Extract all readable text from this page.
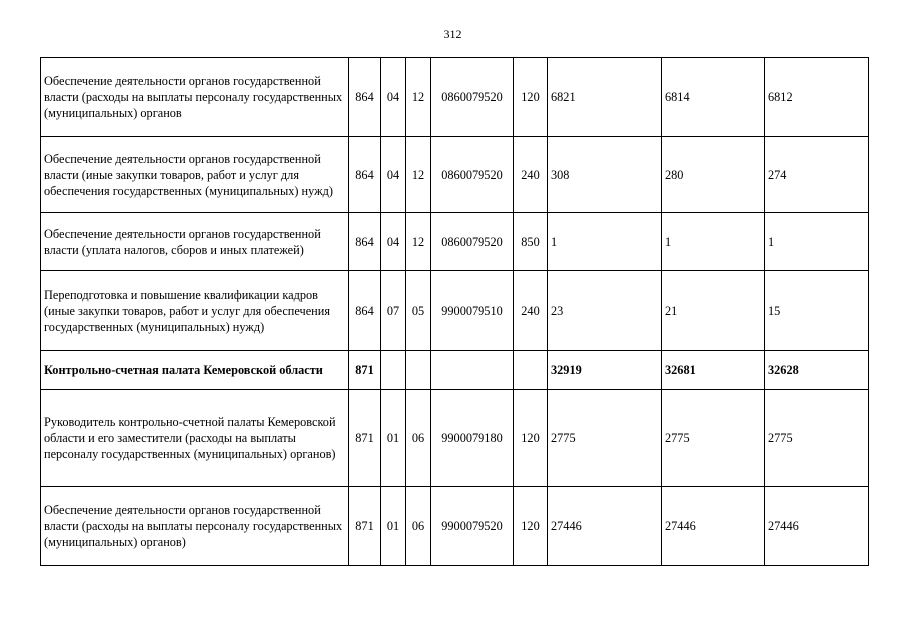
312
Обеспечение деятельности органов государственной власти (расходы на выплаты персоналу государственных (муниципальных) органов	864	04	12	0860079520	120	6821	6814	6812
Обеспечение деятельности органов государственной власти (иные закупки товаров, работ и услуг для обеспечения государственных (муниципальных) нужд)	864	04	12	0860079520	240	308	280	274
Обеспечение деятельности органов государственной власти (уплата налогов, сборов и иных платежей)	864	04	12	0860079520	850	1	1	1
Переподготовка и повышение квалификации кадров (иные закупки товаров, работ и услуг для обеспечения государственных (муниципальных) нужд)	864	07	05	9900079510	240	23	21	15
Контрольно-счетная палата Кемеровской области	871					32919	32681	32628
Руководитель контрольно-счетной палаты Кемеровской области и его заместители (расходы на выплаты персоналу государственных (муниципальных) органов)	871	01	06	9900079180	120	2775	2775	2775
Обеспечение деятельности органов государственной власти (расходы на выплаты персоналу государственных (муниципальных) органов)	871	01	06	9900079520	120	27446	27446	27446
